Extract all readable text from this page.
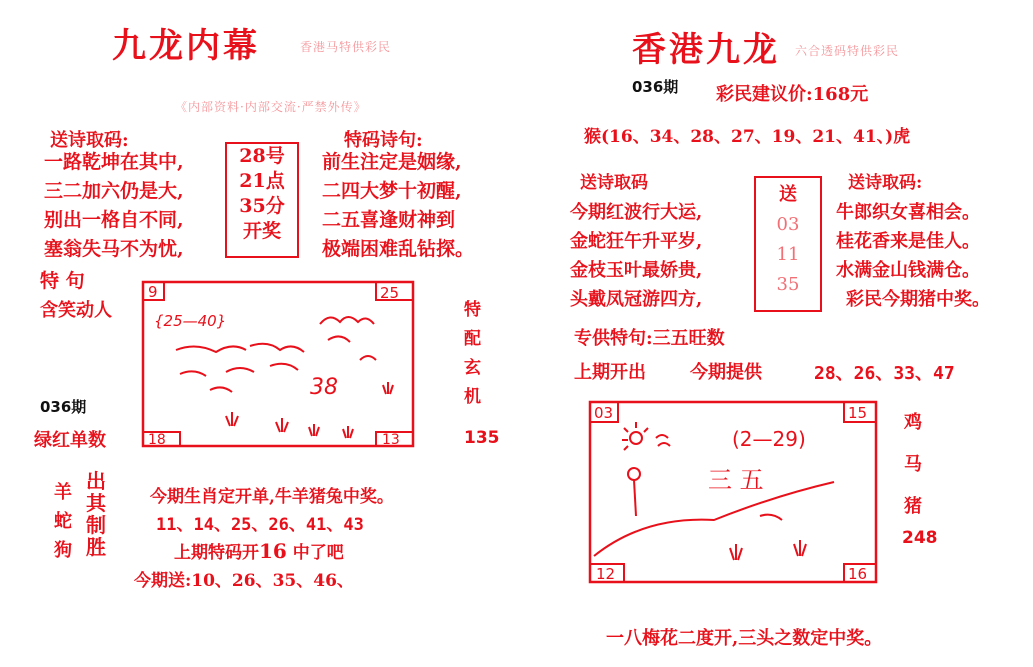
九龙内幕	香港马特供彩民
《内部资料·内部交流·严禁外传》
送诗取码:	特码诗句:
一路乾坤在其中,
三二加六仍是大,
别出一格自不同,
塞翁失马不为忧,
28号
21点
35分
开奖
前生注定是姻缘,
二四大梦十初醒,
二五喜逢财神到
极端困难乱钻探。
特 句
含笑动人	特
配
玄
机
036期
绿红单数	135
9	25
18	13
{25—40}
38
羊
蛇
狗
出
其
制
胜
今期生肖定开单,牛羊猪兔中奖。
11、14、25、26、41、43
上期特码开16 中了吧
今期送:10、26、35、46、
香港九龙 六合透码特供彩民
036期 彩民建议价:168元
猴(16、34、28、27、19、21、41、)虎
送诗取码	送诗取码:
今期红波行大运,
金蛇狂午升平岁,
金枝玉叶最娇贵,
头戴凤冠游四方,
送
03
11
35
牛郎织女喜相会。
桂花香来是佳人。
水满金山钱满仓。
彩民今期猪中奖。
专供特句:三五旺数
上期开出 今期提供	28、26、33、47
03	15
12	16
(2—29)
三 五
鸡
马
猪
248
一八梅花二度开,三头之数定中奖。
